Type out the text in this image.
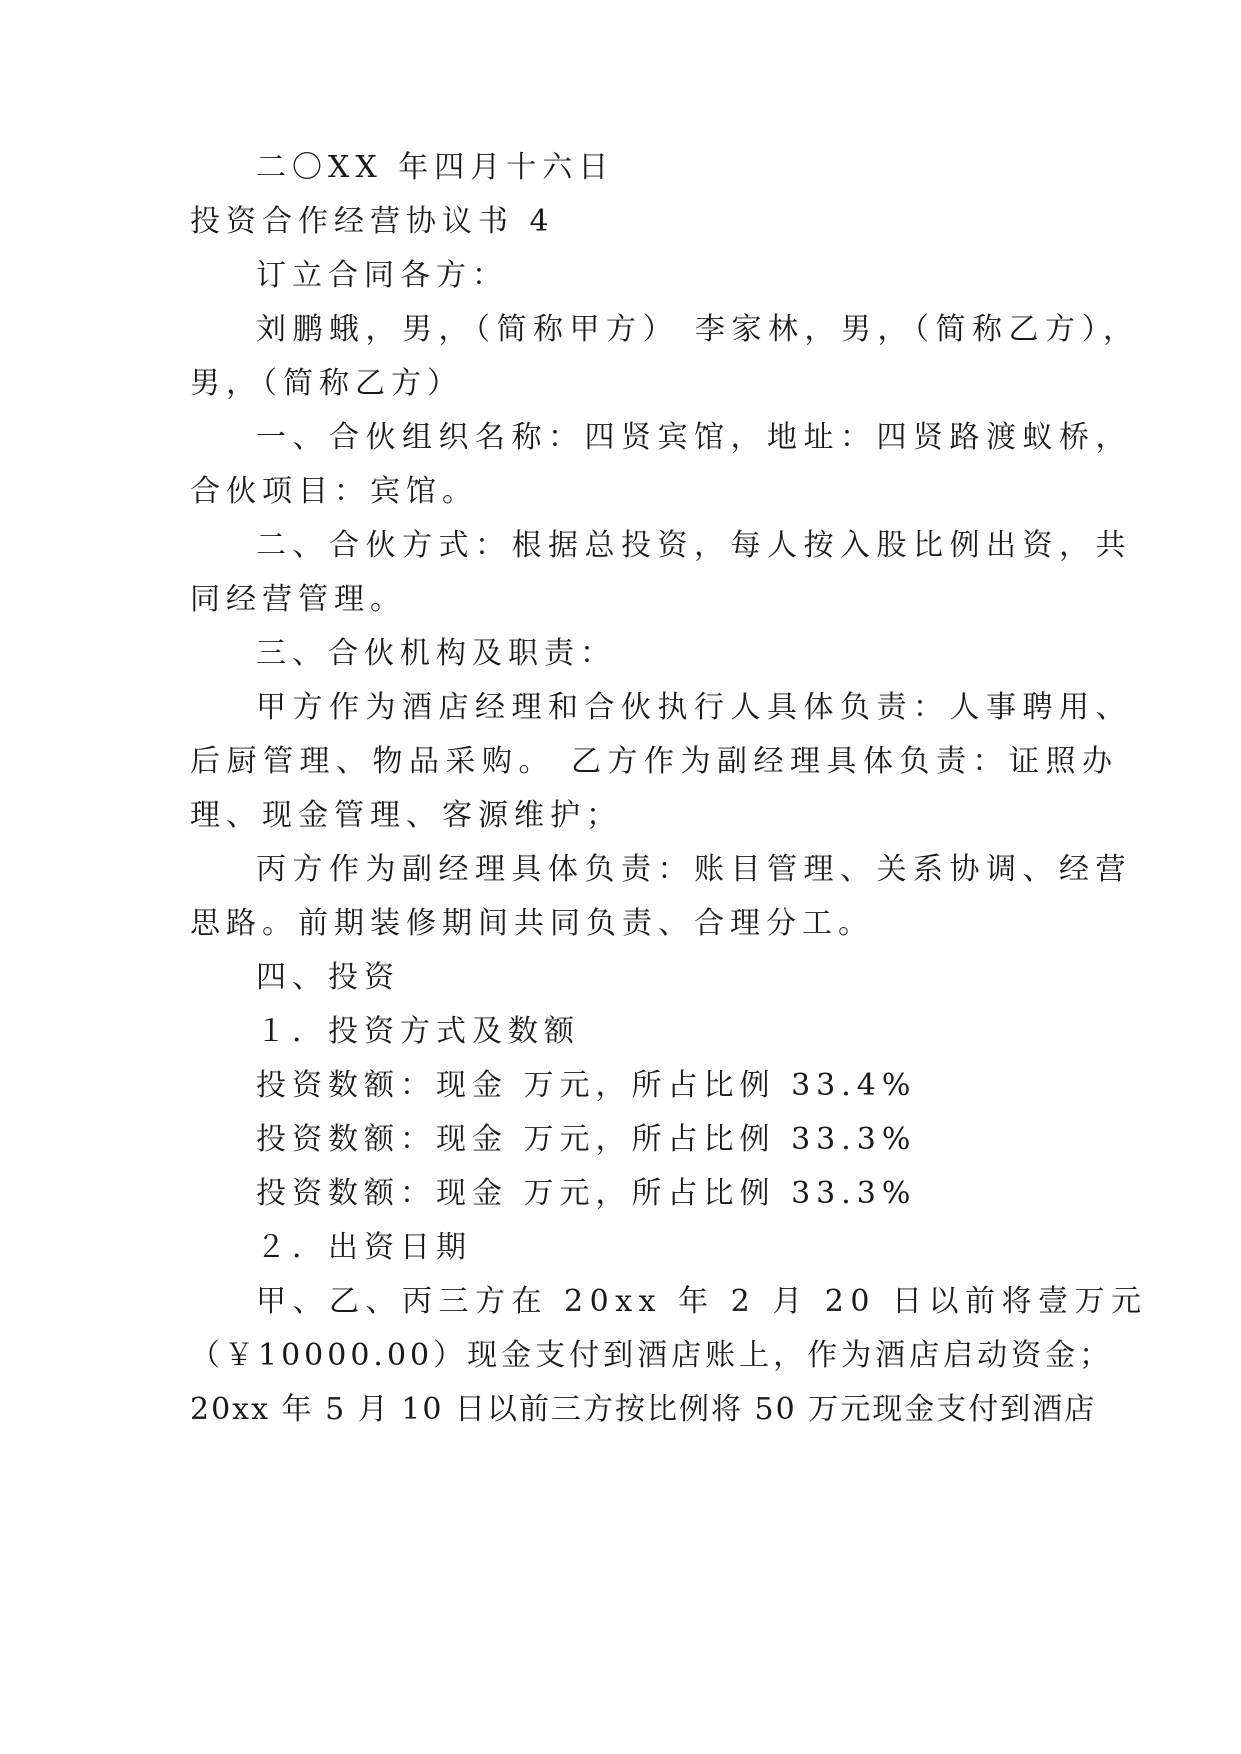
二〇XX 年四月十六日
投资合作经营协议书 4
订立合同各方：
刘鹏蛾，男，（简称甲方） 李家林，男，（简称乙方），
男，（简称乙方）
一、合伙组织名称：四贤宾馆，地址：四贤路渡蚁桥，
合伙项目：宾馆。
二、合伙方式：根据总投资，每人按入股比例出资，共
同经营管理。
三、合伙机构及职责：
甲方作为酒店经理和合伙执行人具体负责：人事聘用、
后厨管理、物品采购。 乙方作为副经理具体负责：证照办
理、现金管理、客源维护；
丙方作为副经理具体负责：账目管理、关系协调、经营
思路。前期装修期间共同负责、合理分工。
四、投资
１．投资方式及数额
投资数额：现金 万元，所占比例 33.4%
投资数额：现金 万元，所占比例 33.3%
投资数额：现金 万元，所占比例 33.3%
２．出资日期
甲、乙、丙三方在 20xx 年 2 月 20 日以前将壹万元
（￥10000.00）现金支付到酒店账上，作为酒店启动资金；
20xx 年 5 月 10 日以前三方按比例将 50 万元现金支付到酒店
